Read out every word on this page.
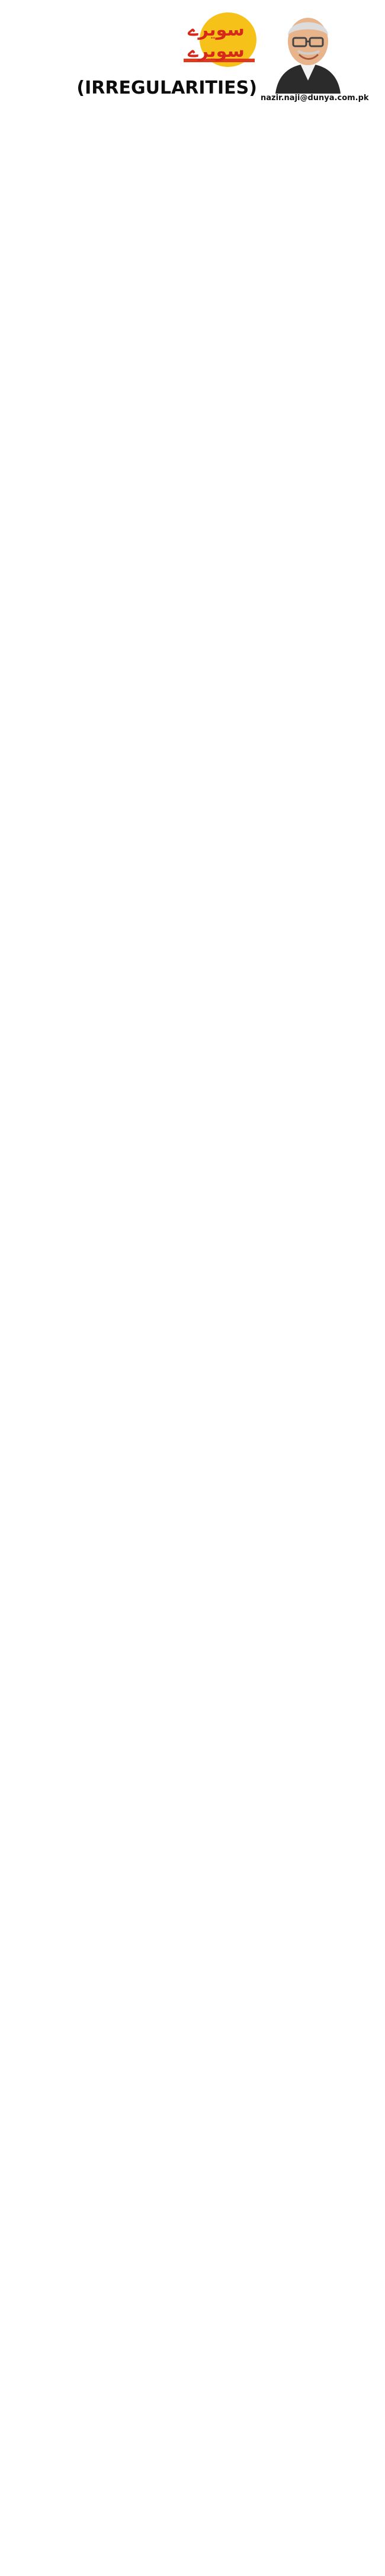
سویرے
سویرے
(IRREGULARITIES) nazir.naji@dunya.com.pk
